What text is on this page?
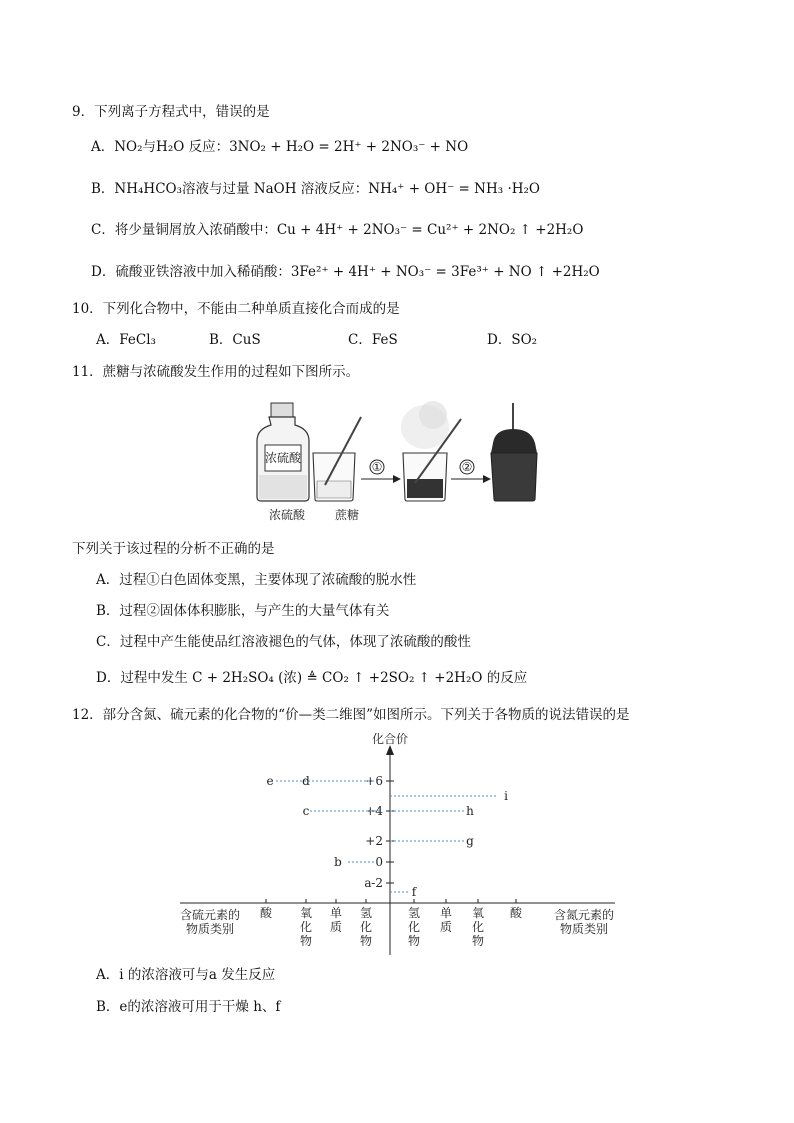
9．下列离子方程式中，错误的是
A．NO₂与H₂O 反应：3NO₂ + H₂O = 2H⁺ + 2NO₃⁻ + NO
B．NH₄HCO₃溶液与过量 NaOH 溶液反应：NH₄⁺ + OH⁻ = NH₃ ·H₂O
C．将少量铜屑放入浓硝酸中：Cu + 4H⁺ + 2NO₃⁻ = Cu²⁺ + 2NO₂ ↑ +2H₂O
D．硫酸亚铁溶液中加入稀硝酸：3Fe²⁺ + 4H⁺ + NO₃⁻ = 3Fe³⁺ + NO ↑ +2H₂O
10．下列化合物中，不能由二种单质直接化合而成的是
A．FeCl₃	B．CuS	C．FeS	D．SO₂
11．蔗糖与浓硫酸发生作用的过程如下图所示。
浓硫酸
①	②
浓硫酸 蔗糖
下列关于该过程的分析不正确的是
A．过程①白色固体变黑，主要体现了浓硫酸的脱水性
B．过程②固体体积膨胀，与产生的大量气体有关
C．过程中产生能使品红溶液褪色的气体，体现了浓硫酸的酸性
D．过程中发生 C + 2H₂SO₄ (浓) ≜ CO₂ ↑ +2SO₂ ↑ +2H₂O 的反应
12．部分含氮、硫元素的化合物的“价—类二维图”如图所示。下列关于各物质的说法错误的是
化合价
+6
+4
+2
0
-2
e d
c
b
a
i
h
g
f
含硫元素的
物质类别
含氮元素的
物质类别
酸 氧化物
单质
氢化物
氢化物
单质
氧化物
酸
A．i 的浓溶液可与a 发生反应
B．e的浓溶液可用于干燥 h、f
